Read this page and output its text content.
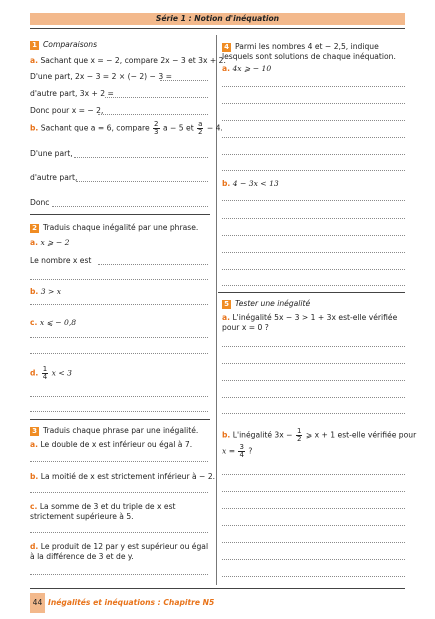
Série 1 : Notion d'inéquation
1 Comparaisons
a. Sachant que x = − 2, compare 2x − 3 et 3x + 2.
D'une part, 2x − 3 = 2 × (− 2) − 3 =
d'autre part, 3x + 2 =
Donc pour x = − 2,
b. Sachant que a = 6, compare $\frac{2}{3}$ a − 5 et $\frac{a}{2} - 4$.
D'une part,
d'autre part,
Donc
2 Traduis chaque inégalité par une phrase.
a. x ⩾ − 2
Le nombre x est
b. 3 > x
c. x ⩽ − 0,8
d. $\frac{1}{4}$ x < 3
3 Traduis chaque phrase par une inégalité.
a. Le double de x est inférieur ou égal à 7.
b. La moitié de x est strictement inférieur à − 2.
c. La somme de 3 et du triple de x est strictement supérieure à 5.
d. Le produit de 12 par y est supérieur ou égal à la différence de 3 et de y.
4 Parmi les nombres 4 et − 2,5, indique lesquels sont solutions de chaque inéquation.
a. 4x ⩾ − 10
b. 4 − 3x < 13
5 Tester une inégalité
a. L'inégalité 5x − 3 > 1 + 3x est-elle vérifiée pour x = 0 ?
b. L'inégalité $3x - \frac{1}{2}$ ⩾ x + 1 est-elle vérifiée pour
$x = \frac{3}{4}$ ?
44 Inégalités et inéquations : Chapitre N5
